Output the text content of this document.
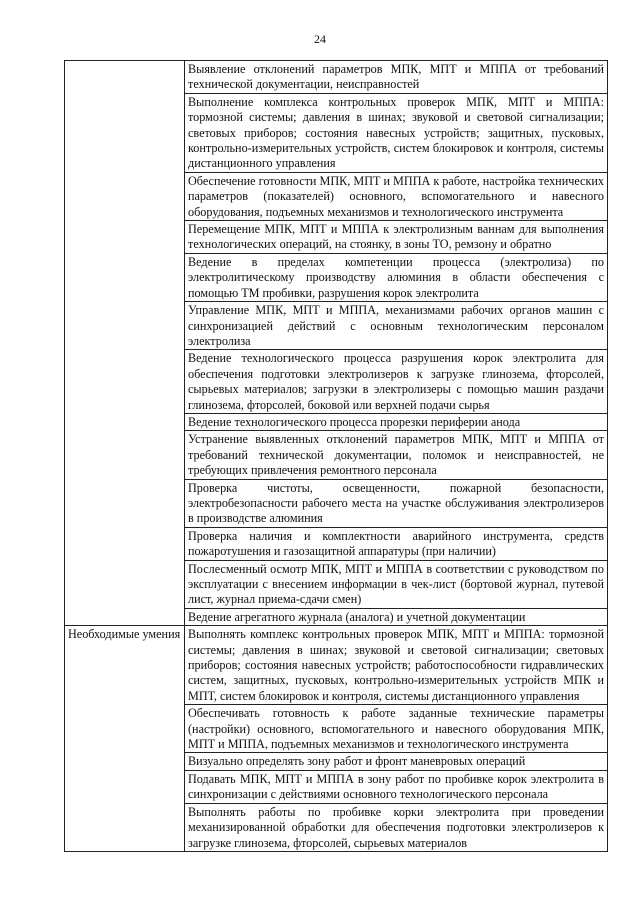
24
	Выявление отклонений параметров МПК, МПТ и МППА от требований технической документации, неисправностей
	Выполнение комплекса контрольных проверок МПК, МПТ и МППА: тормозной системы; давления в шинах; звуковой и световой сигнализации; световых приборов; состояния навесных устройств; защитных, пусковых, контрольно-измерительных устройств, систем блокировок и контроля, системы дистанционного управления
	Обеспечение готовности МПК, МПТ и МППА к работе, настройка технических параметров (показателей) основного, вспомогательного и навесного оборудования, подъемных механизмов и технологического инструмента
	Перемещение МПК, МПТ и МППА к электролизным ваннам для выполнения технологических операций, на стоянку, в зоны ТО, ремзону и обратно
	Ведение в пределах компетенции процесса (электролиза) по электролитическому производству алюминия в области обеспечения с помощью ТМ пробивки, разрушения корок электролита
	Управление МПК, МПТ и МППА, механизмами рабочих органов машин с синхронизацией действий с основным технологическим персоналом электролиза
	Ведение технологического процесса разрушения корок электролита для обеспечения подготовки электролизеров к загрузке глинозема, фторсолей, сырьевых материалов; загрузки в электролизеры с помощью машин раздачи глинозема, фторсолей, боковой или верхней подачи сырья
	Ведение технологического процесса прорезки периферии анода
	Устранение выявленных отклонений параметров МПК, МПТ и МППА от требований технической документации, поломок и неисправностей, не требующих привлечения ремонтного персонала
	Проверка чистоты, освещенности, пожарной безопасности, электробезопасности рабочего места на участке обслуживания электролизеров в производстве алюминия
	Проверка наличия и комплектности аварийного инструмента, средств пожаротушения и газозащитной аппаратуры (при наличии)
	Послесменный осмотр МПК, МПТ и МППА в соответствии с руководством по эксплуатации с внесением информации в чек-лист (бортовой журнал, путевой лист, журнал приема-сдачи смен)
	Ведение агрегатного журнала (аналога) и учетной документации
Необходимые умения	Выполнять комплекс контрольных проверок МПК, МПТ и МППА: тормозной системы; давления в шинах; звуковой и световой сигнализации; световых приборов; состояния навесных устройств; работоспособности гидравлических систем, защитных, пусковых, контрольно-измерительных устройств МПК и МПТ, систем блокировок и контроля, системы дистанционного управления
	Обеспечивать готовность к работе заданные технические параметры (настройки) основного, вспомогательного и навесного оборудования МПК, МПТ и МППА, подъемных механизмов и технологического инструмента
	Визуально определять зону работ и фронт маневровых операций
	Подавать МПК, МПТ и МППА в зону работ по пробивке корок электролита в синхронизации с действиями основного технологического персонала
	Выполнять работы по пробивке корки электролита при проведении механизированной обработки для обеспечения подготовки электролизеров к загрузке глинозема, фторсолей, сырьевых материалов
